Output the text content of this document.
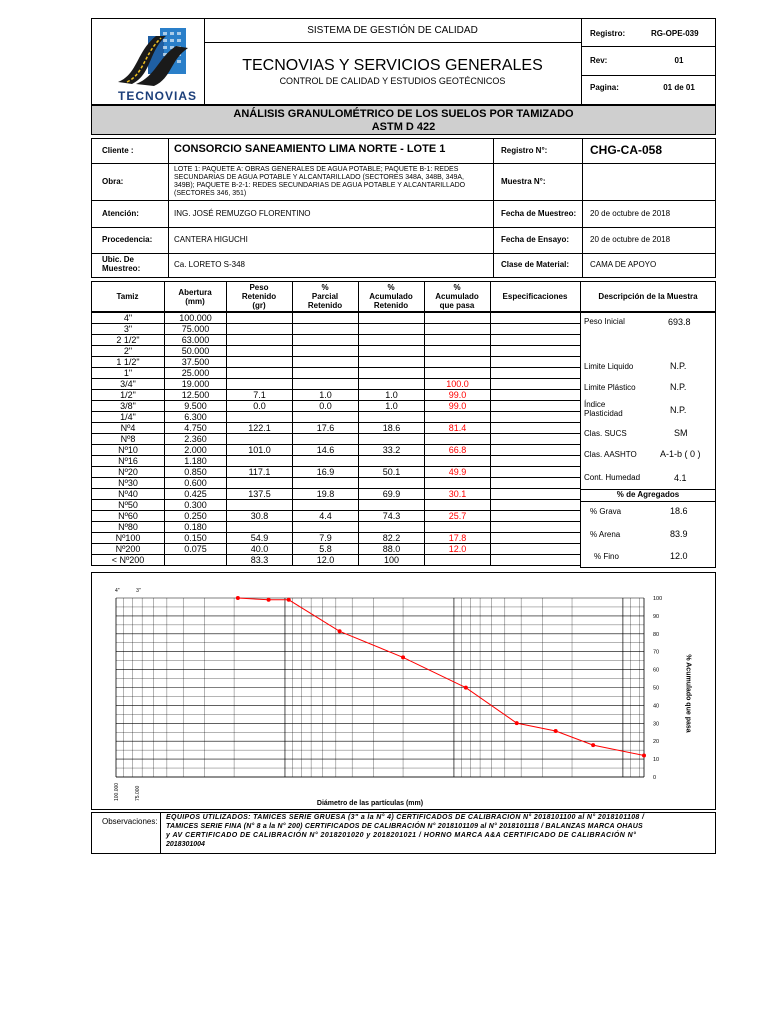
TECNOVIAS
SISTEMA DE GESTIÓN DE CALIDAD
TECNOVIAS Y SERVICIOS GENERALES
CONTROL DE CALIDAD Y ESTUDIOS GEOTÉCNICOS
Registro:	RG-OPE-039
Rev:	01
Pagina:	01 de 01
ANÁLISIS GRANULOMÉTRICO DE LOS SUELOS POR TAMIZADO
ASTM D 422
Cliente :	CONSORCIO SANEAMIENTO LIMA NORTE - LOTE 1	Registro N°:	CHG-CA-058
Obra:
LOTE 1: PAQUETE A: OBRAS GENERALES DE AGUA POTABLE; PAQUETE B-1: REDES
SECUNDARIAS DE AGUA POTABLE Y ALCANTARILLADO (SECTORES 348A, 348B, 349A,
349B); PAQUETE B-2-1: REDES SECUNDARIAS DE AGUA POTABLE Y ALCANTARILLADO
(SECTORES 346, 351)
Muestra N°:
Atención:	ING. JOSÉ REMUZGO FLORENTINO	Fecha de Muestreo: 20 de octubre de 2018
Procedencia:	CANTERA HIGUCHI	Fecha de Ensayo:	20 de octubre de 2018
Ubic. De
Muestreo:	Ca. LORETO S-348	Clase de Material:	CAMA DE APOYO
Tamiz	Abertura
(mm)
Peso
Retenido
(gr)
%
Parcial
Retenido
%
Acumulado
Retenido
%
Acumulado
que pasa
Especificaciones	Descripción de la Muestra
4"	100.000					
3"	75.000					
2 1/2"	63.000					
2"	50.000					
1 1/2"	37.500					
1"	25.000					
3/4"	19.000				100.0	
1/2"	12.500	7.1	1.0	1.0	99.0	
3/8"	9.500	0.0	0.0	1.0	99.0	
1/4"	6.300					
Nº4	4.750	122.1	17.6	18.6	81.4	
Nº8	2.360					
Nº10	2.000	101.0	14.6	33.2	66.8	
Nº16	1.180					
Nº20	0.850	117.1	16.9	50.1	49.9	
Nº30	0.600					
Nº40	0.425	137.5	19.8	69.9	30.1	
Nº50	0.300					
Nº60	0.250	30.8	4.4	74.3	25.7	
Nº80	0.180					
Nº100	0.150	54.9	7.9	82.2	17.8	
Nº200	0.075	40.0	5.8	88.0	12.0	
< Nº200		83.3	12.0	100		
Peso Inicial	693.8
Limite Liquido	N.P.
Limite Plástico	N.P.
Índice
Plasticidad	N.P.
Clas. SUCS	SM
Clas. AASHTO	A-1-b ( 0 )
Cont. Humedad	4.1
% de Agregados
% Grava	18.6
% Arena	83.9
% Fino	12.0
0
10
20
30
40
50
60
70
80
90
100
4"	3"
100.000	75.000
Diámetro de las partículas (mm)
% Acumulado que pasa
Observaciones: EQUIPOS UTILIZADOS: TAMICES SERIE GRUESA (3" a la N° 4) CERTIFICADOS DE CALIBRACIÓN N° 2018101100 al N° 2018101108 /
TAMICES SERIE FINA (N° 8 a la N° 200) CERTIFICADOS DE CALIBRACIÓN N° 2018101109 al N° 2018101118 / BALANZAS MARCA OHAUS
y AV CERTIFICADO DE CALIBRACIÓN N° 2018201020 y 2018201021 / HORNO MARCA A&A CERTIFICADO DE CALIBRACIÓN N°
2018301004
